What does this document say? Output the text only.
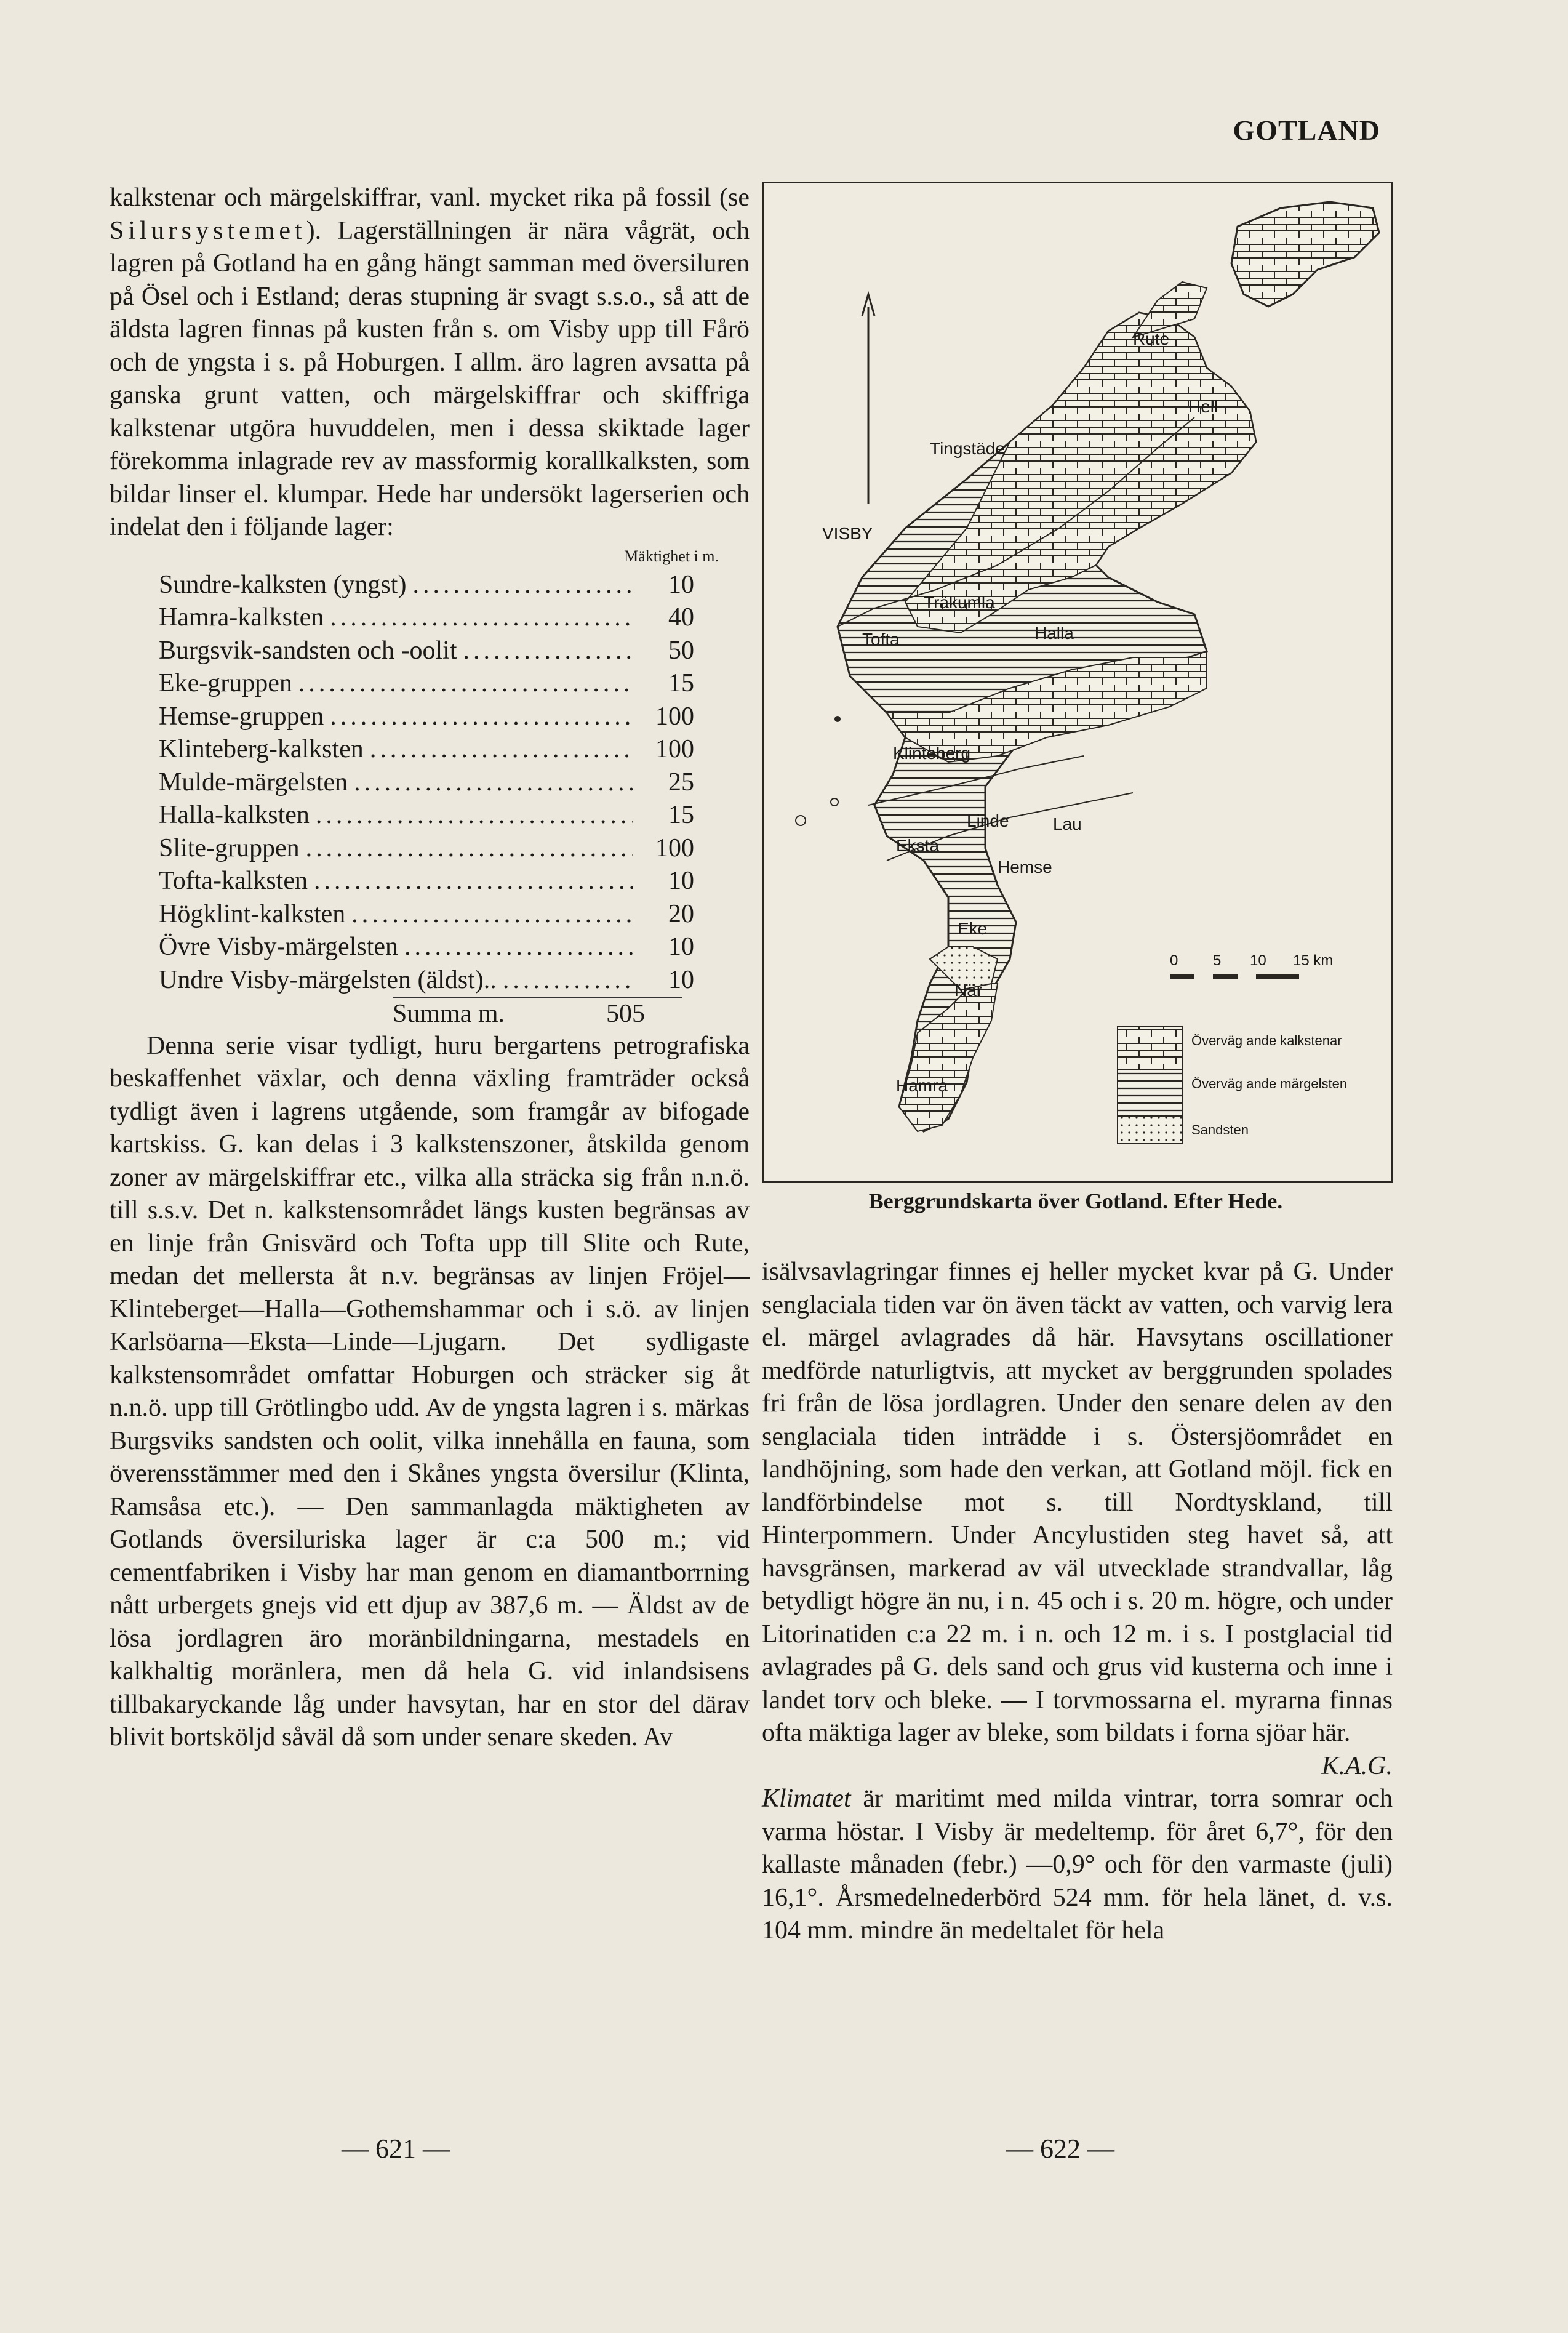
GOTLAND

kalkstenar och märgelskiffrar, vanl. mycket rika på fossil (se Silursystemet). Lagerställningen är nära vågrät, och lagren på Gotland ha en gång hängt samman med översiluren på Ösel och i Estland; deras stupning är svagt s.s.o., så att de äldsta lagren finnas på kusten från s. om Visby upp till Fårö och de yngsta i s. på Hoburgen. I allm. äro lagren avsatta på ganska grunt vatten, och märgelskiffrar och skiffriga kalkstenar utgöra huvuddelen, men i dessa skiktade lager förekomma inlagrade rev av massformig korallkalksten, som bildar linser el. klumpar. Hede har undersökt lagerserien och indelat den i följande lager:

Mäktighet i m.
Sundre-kalksten (yngst) .....	10
Hamra-kalksten .....	40
Burgsvik-sandsten och -oolit .....	50
Eke-gruppen .....	15
Hemse-gruppen .....	100
Klinteberg-kalksten .....	100
Mulde-märgelsten .....	25
Halla-kalksten .....	15
Slite-gruppen .....	100
Tofta-kalksten .....	10
Högklint-kalksten .....	20
Övre Visby-märgelsten .....	10
Undre Visby-märgelsten (äldst).. .....	10
Summa m.	505

Denna serie visar tydligt, huru bergartens petrografiska beskaffenhet växlar, och denna växling framträder också tydligt även i lagrens utgående, som framgår av bifogade kartskiss. G. kan delas i 3 kalkstenszoner, åtskilda genom zoner av märgelskiffrar etc., vilka alla sträcka sig från n.n.ö. till s.s.v. Det n. kalkstensområdet längs kusten begränsas av en linje från Gnisvärd och Tofta upp till Slite och Rute, medan det mellersta åt n.v. begränsas av linjen Fröjel—Klinteberget—Halla—Gothemshammar och i s.ö. av linjen Karlsöarna—Eksta—Linde—Ljugarn. Det sydligaste kalkstensområdet omfattar Hoburgen och sträcker sig åt n.n.ö. upp till Grötlingbo udd. Av de yngsta lagren i s. märkas Burgsviks sandsten och oolit, vilka innehålla en fauna, som överensstämmer med den i Skånes yngsta översilur (Klinta, Ramsåsa etc.). — Den sammanlagda mäktigheten av Gotlands översiluriska lager är c:a 500 m.; vid cementfabriken i Visby har man genom en diamantborrning nått urbergets gnejs vid ett djup av 387,6 m. — Äldst av de lösa jordlagren äro moränbildningarna, mestadels en kalkhaltig moränlera, men då hela G. vid inlandsisens tillbakaryckande låg under havsytan, har en stor del därav blivit bortsköljd såväl då som under senare skeden. Av

— 621 —
Rute
Hell
Tingstäde
VISBY
Träkumla
Tofta	Halla
Klinteberg
Linde	Lau
Eksta
Hemse
Eke
När
Hamra
0 5 10 15 km
Överväg ande kalkstenar
Överväg ande märgelsten
Sandsten
Berggrundskarta över Gotland. Efter Hede.

isälvsavlagringar finnes ej heller mycket kvar på G. Under senglaciala tiden var ön även täckt av vatten, och varvig lera el. märgel avlagrades då här. Havsytans oscillationer medförde naturligtvis, att mycket av berggrunden spolades fri från de lösa jordlagren. Under den senare delen av den senglaciala tiden inträdde i s. Östersjöområdet en landhöjning, som hade den verkan, att Gotland möjl. fick en landförbindelse mot s. till Nordtyskland, till Hinterpommern. Under Ancylustiden steg havet så, att havsgränsen, markerad av väl utvecklade strandvallar, låg betydligt högre än nu, i n. 45 och i s. 20 m. högre, och under Litorinatiden c:a 22 m. i n. och 12 m. i s. I postglacial tid avlagrades på G. dels sand och grus vid kusterna och inne i landet torv och bleke. — I torvmossarna el. myrarna finnas ofta mäktiga lager av bleke, som bildats i forna sjöar här.
K.A.G.

Klimatet är maritimt med milda vintrar, torra somrar och varma höstar. I Visby är medeltemp. för året 6,7°, för den kallaste månaden (febr.) —0,9° och för den varmaste (juli) 16,1°. Årsmedelnederbörd 524 mm. för hela länet, d. v.s. 104 mm. mindre än medeltalet för hela

— 622 —
